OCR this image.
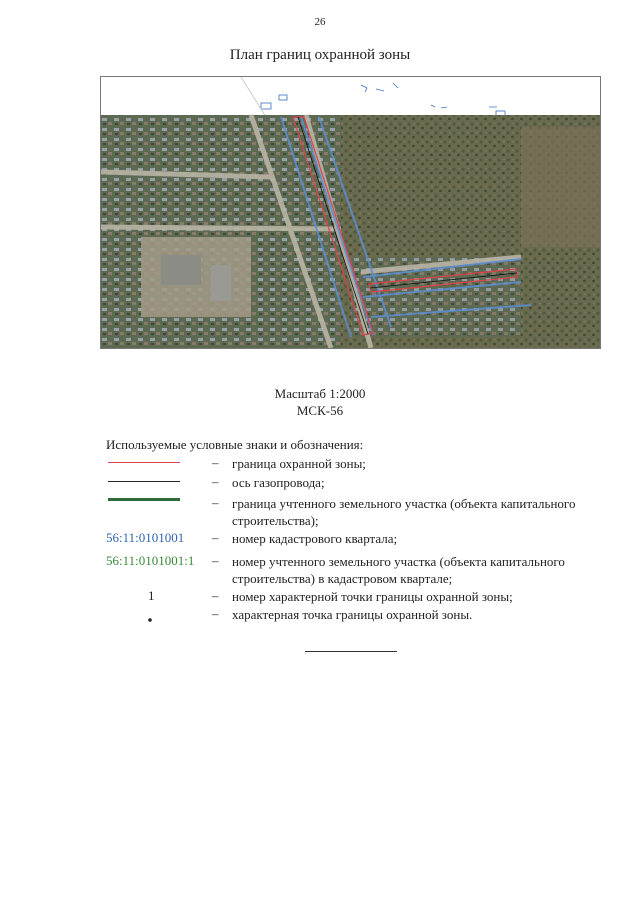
26
План границ охранной зоны
Масштаб 1:2000
МСК-56
Используемые условные знаки и обозначения:
– граница охранной зоны;
– ось газопровода;
– граница учтенного земельного участка (объекта капитального строительства);
56:11:0101001 – номер кадастрового квартала;
56:11:0101001:1 – номер учтенного земельного участка (объекта капитального строительства) в кадастровом квартале;
1	– номер характерной точки границы охранной зоны;
– характерная точка границы охранной зоны.
